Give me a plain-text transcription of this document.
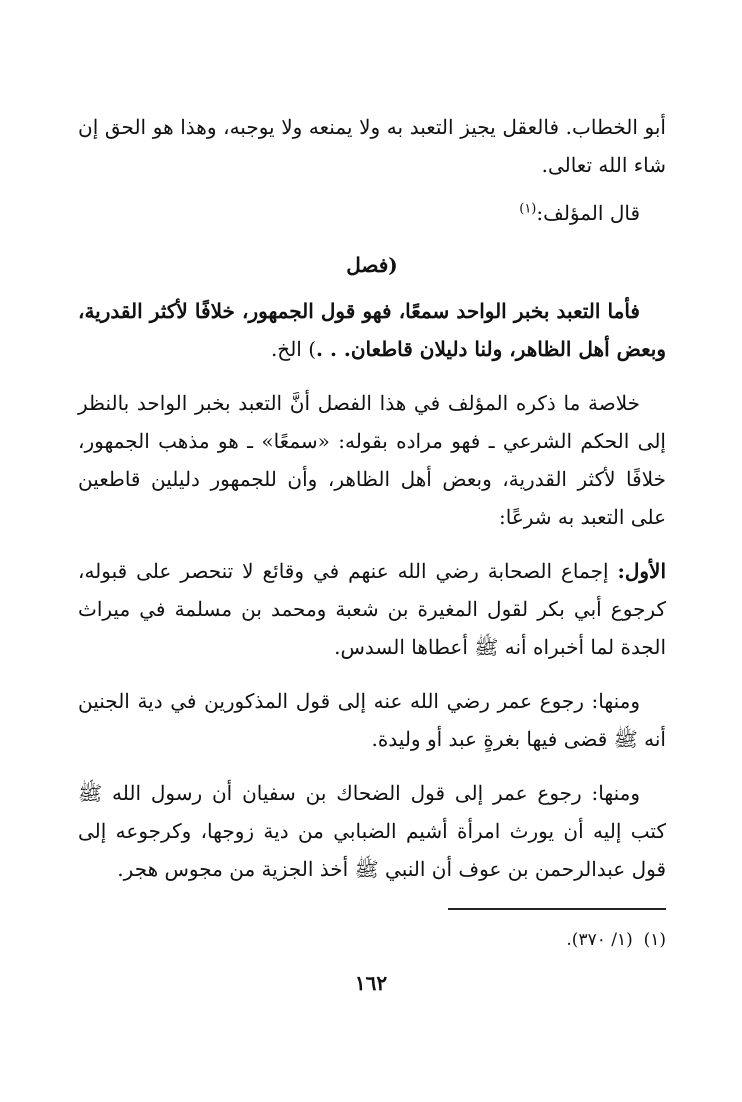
أبو الخطاب. فالعقل يجيز التعبد به ولا يمنعه ولا يوجبه، وهذا هو الحق إن شاء الله تعالى.

قال المؤلف:$^{(١)}$

(فصل

فأما التعبد بخبر الواحد سمعًا، فهو قول الجمهور، خلافًا لأكثر القدرية، وبعض أهل الظاهر، ولنا دليلان قاطعان. . .) الخ.

خلاصة ما ذكره المؤلف في هذا الفصل أنَّ التعبد بخبر الواحد بالنظر إلى الحكم الشرعي ـ فهو مراده بقوله: «سمعًا» ـ هو مذهب الجمهور، خلافًا لأكثر القدرية، وبعض أهل الظاهر، وأن للجمهور دليلين قاطعين على التعبد به شرعًا:

الأول: إجماع الصحابة رضي الله عنهم في وقائع لا تنحصر على قبوله، كرجوع أبي بكر لقول المغيرة بن شعبة ومحمد بن مسلمة في ميراث الجدة لما أخبراه أنه ﷺ أعطاها السدس.

ومنها: رجوع عمر رضي الله عنه إلى قول المذكورين في دية الجنين أنه ﷺ قضى فيها بغرةٍ عبد أو وليدة.

ومنها: رجوع عمر إلى قول الضحاك بن سفيان أن رسول الله ﷺ كتب إليه أن يورث امرأة أشيم الضبابي من دية زوجها، وكرجوعه إلى قول عبدالرحمن بن عوف أن النبي ﷺ أخذ الجزية من مجوس هجر.

(١)  (١/ ٣٧٠).
١٦٢
